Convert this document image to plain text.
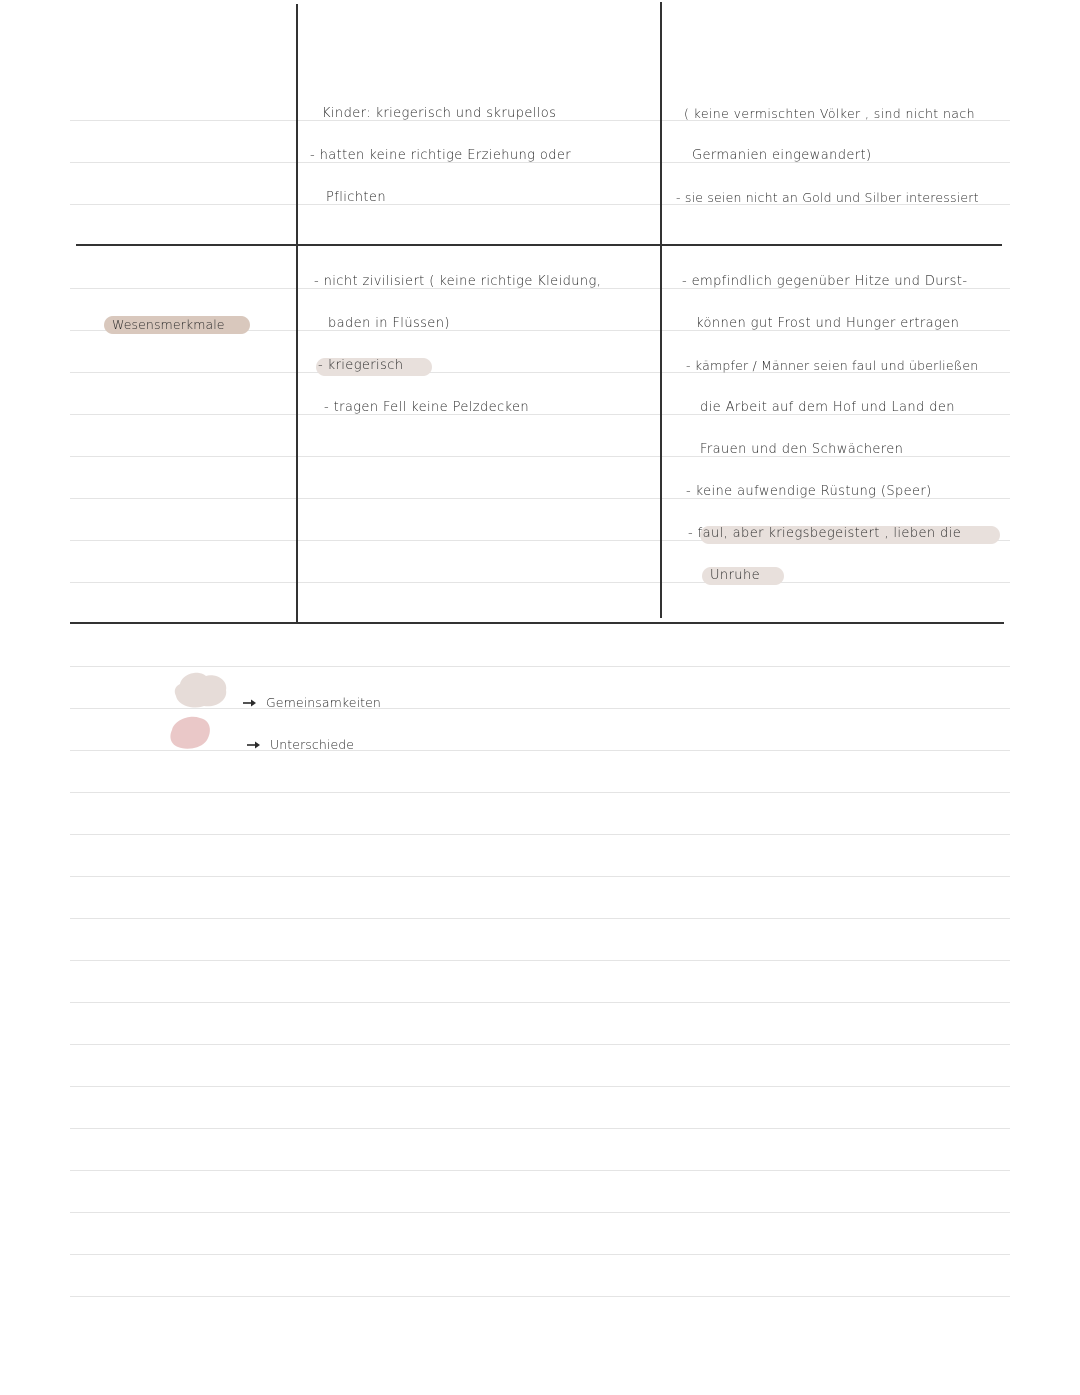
Kinder: kriegerisch und skrupellos
- hatten keine richtige Erziehung oder
Pflichten
( keine vermischten Völker , sind nicht nach
Germanien eingewandert)
- sie seien nicht an Gold und Silber interessiert
Wesensmerkmale
- nicht zivilisiert ( keine richtige Kleidung,
baden in Flüssen)
- kriegerisch
- tragen Fell keine Pelzdecken
- empfindlich gegenüber Hitze und Durst-
können gut Frost und Hunger ertragen
- kämpfer / Männer seien faul und überließen
die Arbeit auf dem Hof und Land den
Frauen und den Schwächeren
- keine aufwendige Rüstung (Speer)
- faul, aber kriegsbegeistert , lieben die
Unruhe
Gemeinsamkeiten
Unterschiede
